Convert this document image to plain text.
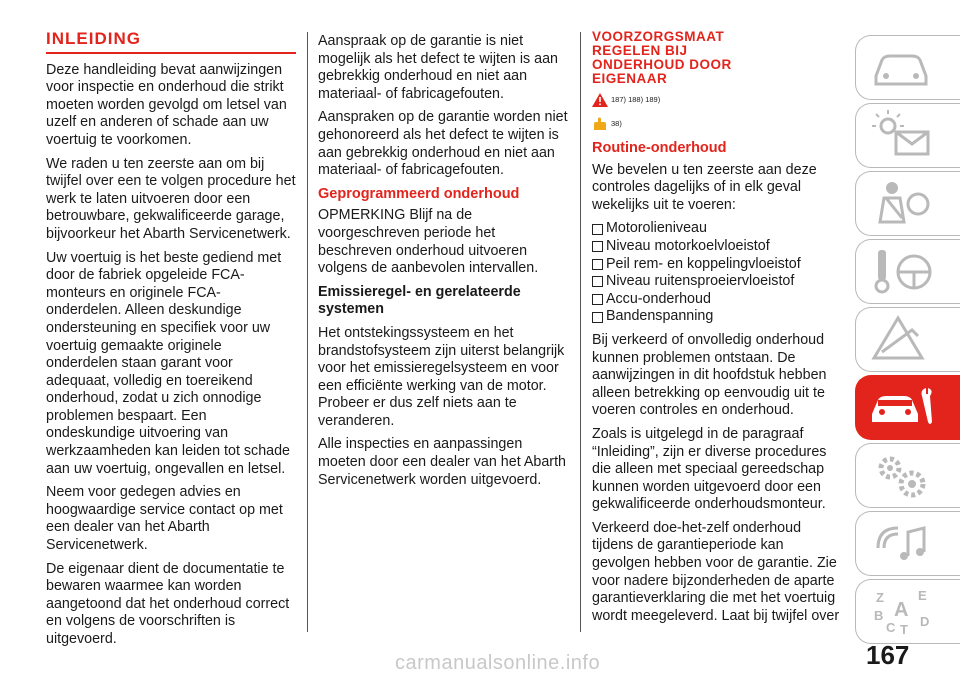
INLEIDING

Deze handleiding bevat aanwijzingen voor inspectie en onderhoud die strikt moeten worden gevolgd om letsel van uzelf en anderen of schade aan uw voertuig te voorkomen.

We raden u ten zeerste aan om bij twijfel over een te volgen procedure het werk te laten uitvoeren door een betrouwbare, gekwalificeerde garage, bijvoorkeur het Abarth Servicenetwerk.

Uw voertuig is het beste gediend met door de fabriek opgeleide FCA-monteurs en originele FCA-onderdelen. Alleen deskundige ondersteuning en specifiek voor uw voertuig gemaakte originele onderdelen staan garant voor adequaat, volledig en toereikend onderhoud, zodat u zich onnodige problemen bespaart. Een ondeskundige uitvoering van werkzaamheden kan leiden tot schade aan uw voertuig, ongevallen en letsel.

Neem voor gedegen advies en hoogwaardige service contact op met een dealer van het Abarth Servicenetwerk.

De eigenaar dient de documentatie te bewaren waarmee kan worden aangetoond dat het onderhoud correct en volgens de voorschriften is uitgevoerd.

Aanspraak op de garantie is niet mogelijk als het defect te wijten is aan gebrekkig onderhoud en niet aan materiaal- of fabricagefouten.

Aanspraken op de garantie worden niet gehonoreerd als het defect te wijten is aan gebrekkig onderhoud en niet aan materiaal- of fabricagefouten.

Geprogrammeerd onderhoud

OPMERKING Blijf na de voorgeschreven periode het beschreven onderhoud uitvoeren volgens de aanbevolen intervallen.

Emissieregel- en gerelateerde systemen

Het ontstekingssysteem en het brandstofsysteem zijn uiterst belangrijk voor het emissieregelsysteem en voor een efficiënte werking van de motor. Probeer er dus zelf niets aan te veranderen.

Alle inspecties en aanpassingen moeten door een dealer van het Abarth Servicenetwerk worden uitgevoerd.

VOORZORGSMAAT
REGELEN BIJ
ONDERHOUD DOOR
EIGENAAR
187) 188) 189)
38)
Routine-onderhoud

We bevelen u ten zeerste aan deze controles dagelijks of in elk geval wekelijks uit te voeren:

Motorolieniveau
Niveau motorkoelvloeistof
Peil rem- en koppelingvloeistof
Niveau ruitensproeiervloeistof
Accu-onderhoud
Bandenspanning

Bij verkeerd of onvolledig onderhoud kunnen problemen ontstaan. De aanwijzingen in dit hoofdstuk hebben alleen betrekking op eenvoudig uit te voeren controles en onderhoud.

Zoals is uitgelegd in de paragraaf “Inleiding”, zijn er diverse procedures die alleen met speciaal gereedschap kunnen worden uitgevoerd door een gekwalificeerde onderhoudsmonteur.

Verkeerd doe-het-zelf onderhoud tijdens de garantieperiode kan gevolgen hebben voor de garantie. Zie voor nadere bijzonderheden de aparte garantieverklaring die met het voertuig wordt meegeleverd. Laat bij twijfel over

Z	E
B A
C T
D
167
carmanualsonline.info
